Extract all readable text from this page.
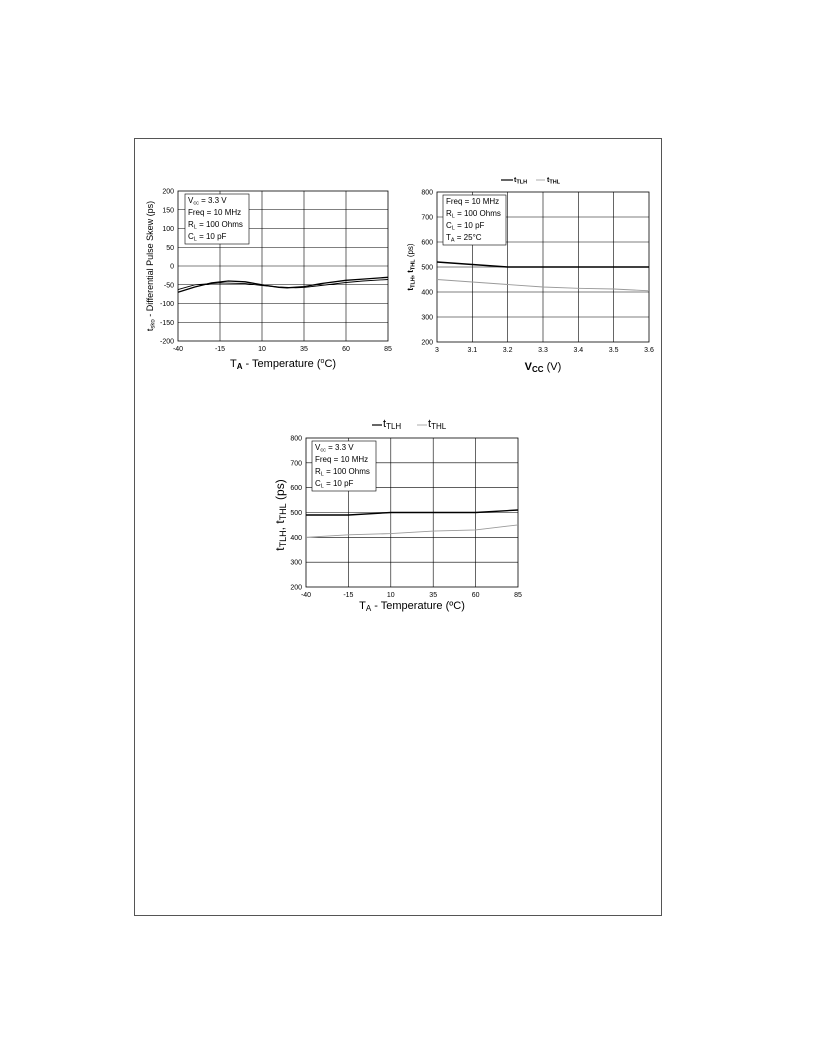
-40	-15	10	35	60	85
200
150
100
50
0
-50
-100
-150
-200
Vcc = 3.3 V
Freq = 10 MHz
RL = 100 Ohms
CL = 10 pF
tsko - Differential Pulse Skew (ps)
TA - Temperature ($^o$C)
$t_{TLH}$	$t_{THL}$
3	3.1	3.2	3.3	3.4	3.5	3.6
800
700
600
500
400
300
200
Freq = 10 MHz
RL = 100 Ohms
CL = 10 pF
TA = 25°C
tTLH, tTHL (ps)
VCC (V)
tTLH tTHL
-40	-15	10	35	60	85
800
700
600
500
400
300
200
Vcc = 3.3 V
Freq = 10 MHz
RL = 100 Ohms
CL = 10 pF
tTLH, tTHL (ps)
TA - Temperature (ºC)
